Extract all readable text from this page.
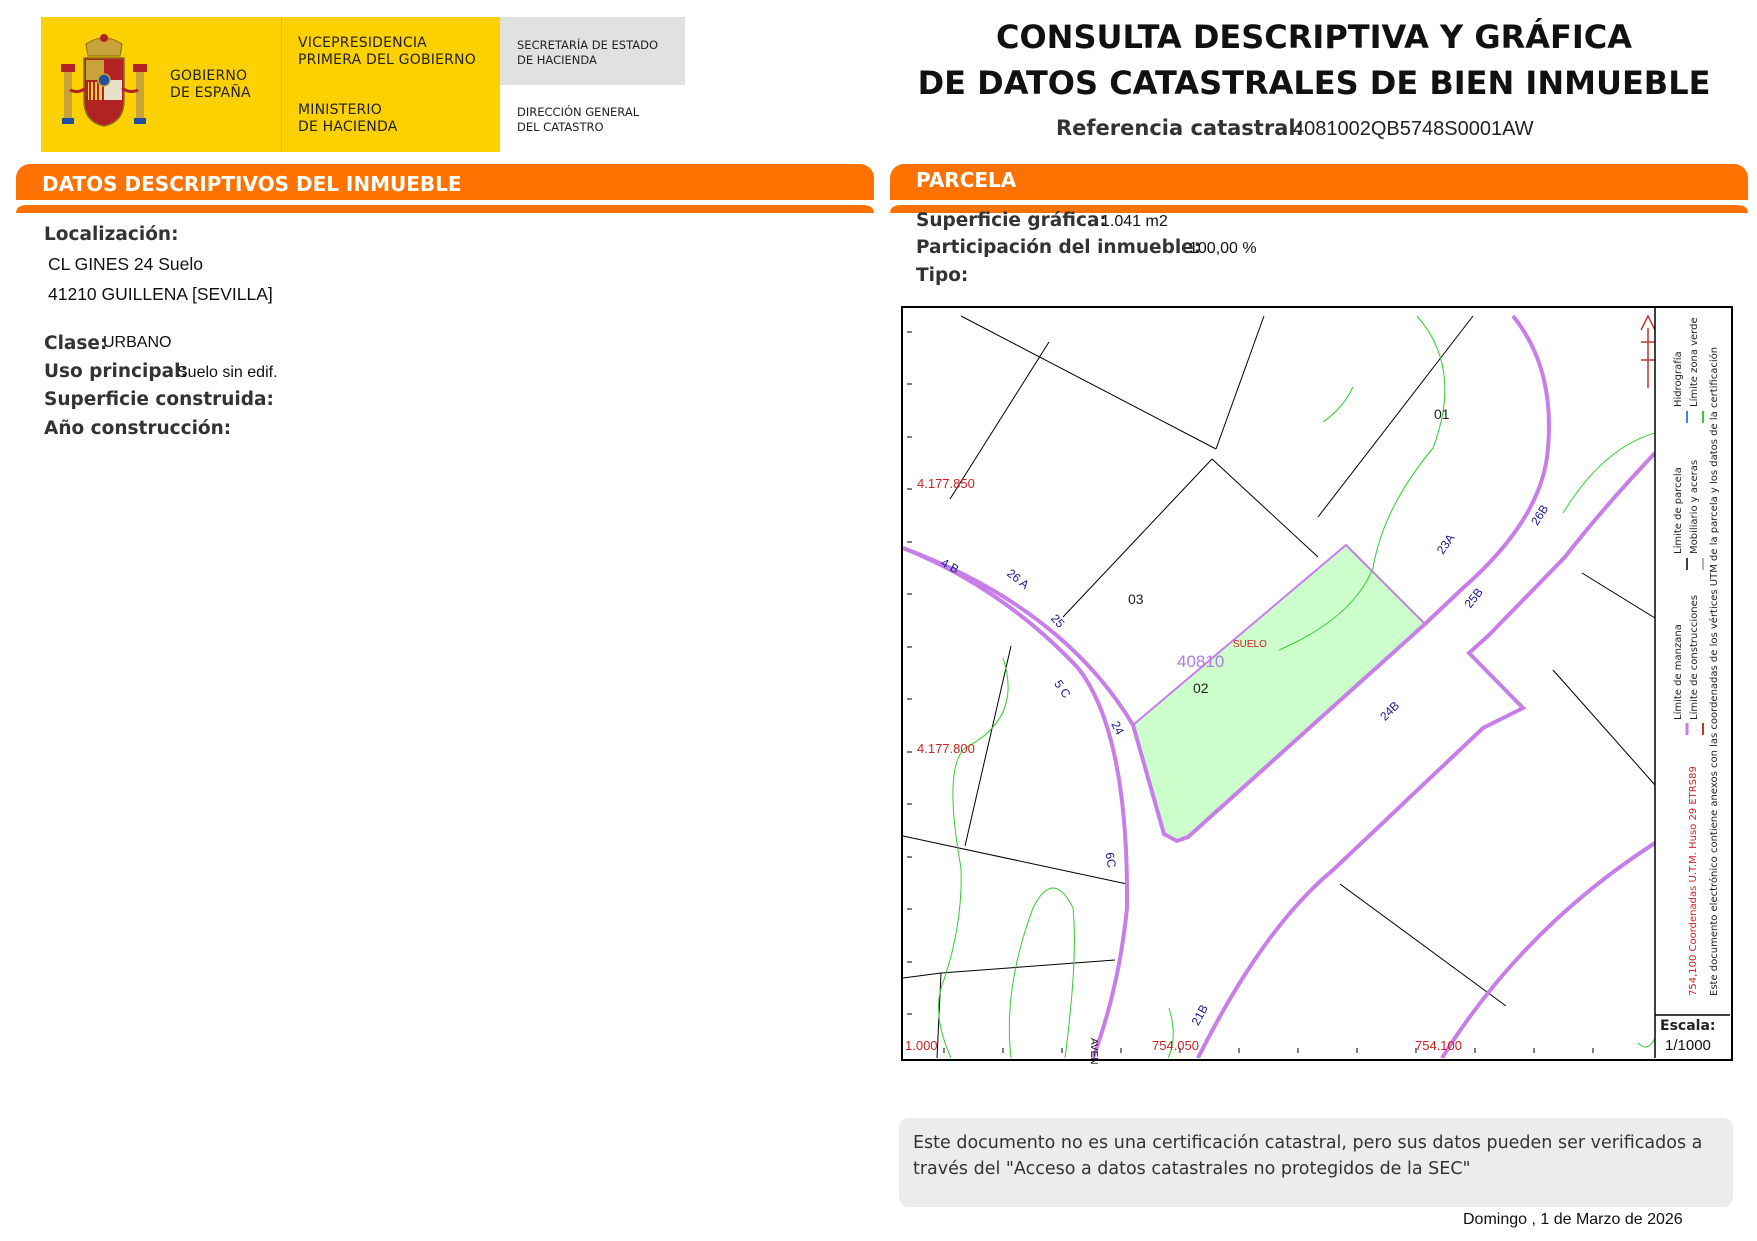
GOBIERNO
DE ESPAÑA
VICEPRESIDENCIA
PRIMERA DEL GOBIERNO
MINISTERIO
DE HACIENDA
SECRETARÍA DE ESTADO
DE HACIENDA
DIRECCIÓN GENERAL
DEL CATASTRO
CONSULTA DESCRIPTIVA Y GRÁFICA
DE DATOS CATASTRALES DE BIEN INMUEBLE
Referencia catastral:
4081002QB5748S0001AW
DATOS DESCRIPTIVOS DEL INMUEBLE	PARCELA
Localización:
CL GINES 24 Suelo
41210 GUILLENA [SEVILLA]
Clase:
URBANO
Uso principal:
Suelo sin edif.
Superficie construida:
Año construcción:
Superficie gráfica:
1.041 m2
Participación del inmueble:
100,00 %
Tipo:
4.177.850
4.177.800
1.000	754.050	754.100
AVEN
40810
SUELO
01
02
03
4 B
26 A
25
5 C
24
6C
21B
24B
25B
23A
26B
Límite de manzana
Límite de parcela
Hidrografía
Límite de construcciones
Mobiliario y aceras
Límite zona verde
754,100 Coordenadas U.T.M. Huso 29 ETRS89 Este documento electrónico contiene anexos con las coordenadas de los vértices UTM de la parcela y los datos de la certificación
Escala:
1/1000
Este documento no es una certificación catastral, pero sus datos pueden ser verificados a través del "Acceso a datos catastrales no protegidos de la SEC"
Domingo , 1 de Marzo de 2026
